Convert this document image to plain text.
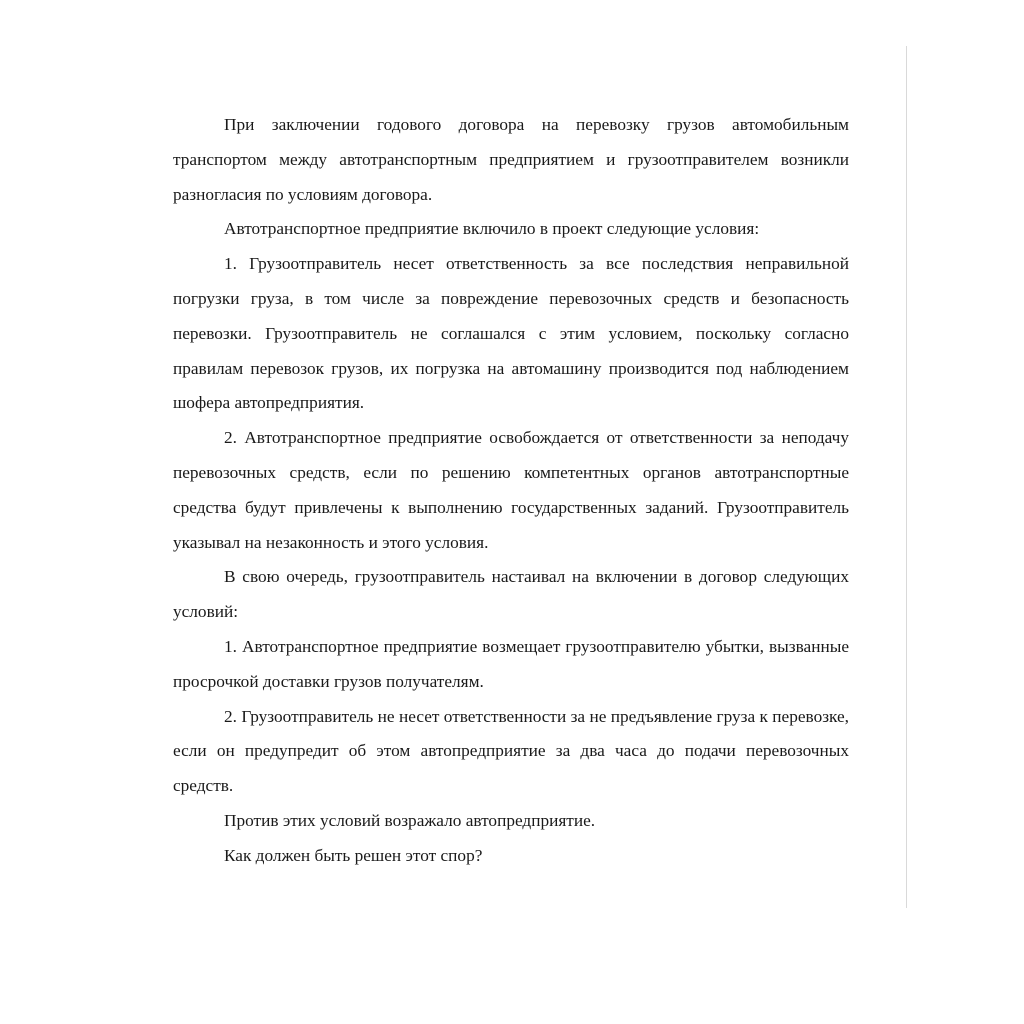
При заключении годового договора на перевозку грузов автомобильным транспортом между автотранспортным предприятием и грузоотправителем возникли разногласия по условиям договора.

Автотранспортное предприятие включило в проект следующие условия:

1. Грузоотправитель несет ответственность за все последствия неправильной погрузки груза, в том числе за повреждение перевозочных средств и безопасность перевозки. Грузоотправитель не соглашался с этим условием, поскольку согласно правилам перевозок грузов, их погрузка на автомашину производится под наблюдением шофера автопредприятия.

2. Автотранспортное предприятие освобождается от ответственности за неподачу перевозочных средств, если по решению компетентных органов автотранспортные средства будут привлечены к выполнению государственных заданий. Грузоотправитель указывал на незаконность и этого условия.

В свою очередь, грузоотправитель настаивал на включении в договор следующих условий:

1. Автотранспортное предприятие возмещает грузоотправителю убытки, вызванные просрочкой доставки грузов получателям.

2. Грузоотправитель не несет ответственности за не предъявление груза к перевозке, если он предупредит об этом автопредприятие за два часа до подачи перевозочных средств.

Против этих условий возражало автопредприятие.

Как должен быть решен этот спор?
